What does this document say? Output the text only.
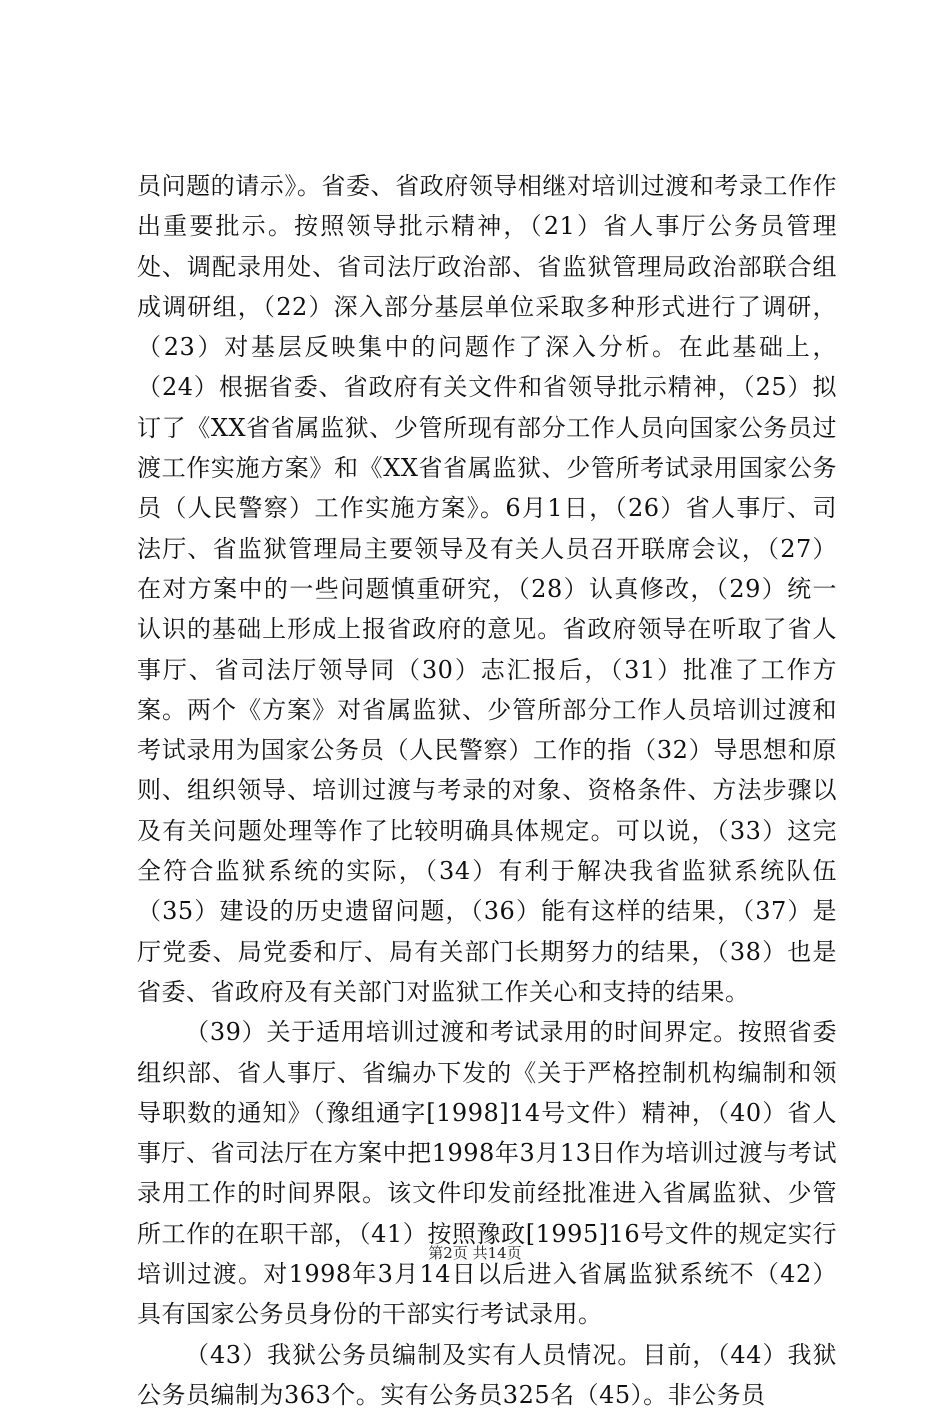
员问题的请示》。省委、省政府领导相继对培训过渡和考录工作作出重要批示。按照领导批示精神，（21）省人事厅公务员管理处、调配录用处、省司法厅政治部、省监狱管理局政治部联合组成调研组，（22）深入部分基层单位采取多种形式进行了调研，（23）对基层反映集中的问题作了深入分析。在此基础上，（24）根据省委、省政府有关文件和省领导批示精神，（25）拟订了《XX省省属监狱、少管所现有部分工作人员向国家公务员过渡工作实施方案》和《XX省省属监狱、少管所考试录用国家公务员（人民警察）工作实施方案》。6月1日，（26）省人事厅、司法厅、省监狱管理局主要领导及有关人员召开联席会议，（27）在对方案中的一些问题慎重研究，（28）认真修改，（29）统一认识的基础上形成上报省政府的意见。省政府领导在听取了省人事厅、省司法厅领导同（30）志汇报后，（31）批准了工作方案。两个《方案》对省属监狱、少管所部分工作人员培训过渡和考试录用为国家公务员（人民警察）工作的指（32）导思想和原则、组织领导、培训过渡与考录的对象、资格条件、方法步骤以及有关问题处理等作了比较明确具体规定。可以说，（33）这完全符合监狱系统的实际，（34）有利于解决我省监狱系统队伍（35）建设的历史遗留问题，（36）能有这样的结果，（37）是厅党委、局党委和厅、局有关部门长期努力的结果，（38）也是省委、省政府及有关部门对监狱工作关心和支持的结果。

（39）关于适用培训过渡和考试录用的时间界定。按照省委组织部、省人事厅、省编办下发的《关于严格控制机构编制和领导职数的通知》（豫组通字[1998]14号文件）精神，（40）省人事厅、省司法厅在方案中把1998年3月13日作为培训过渡与考试录用工作的时间界限。该文件印发前经批准进入省属监狱、少管所工作的在职干部，（41）按照豫政[1995]16号文件的规定实行培训过渡。对1998年3月14日以后进入省属监狱系统不（42）具有国家公务员身份的干部实行考试录用。

（43）我狱公务员编制及实有人员情况。目前，（44）我狱公务员编制为363个。实有公务员325名（45）。非公务员

第2页 共14页
